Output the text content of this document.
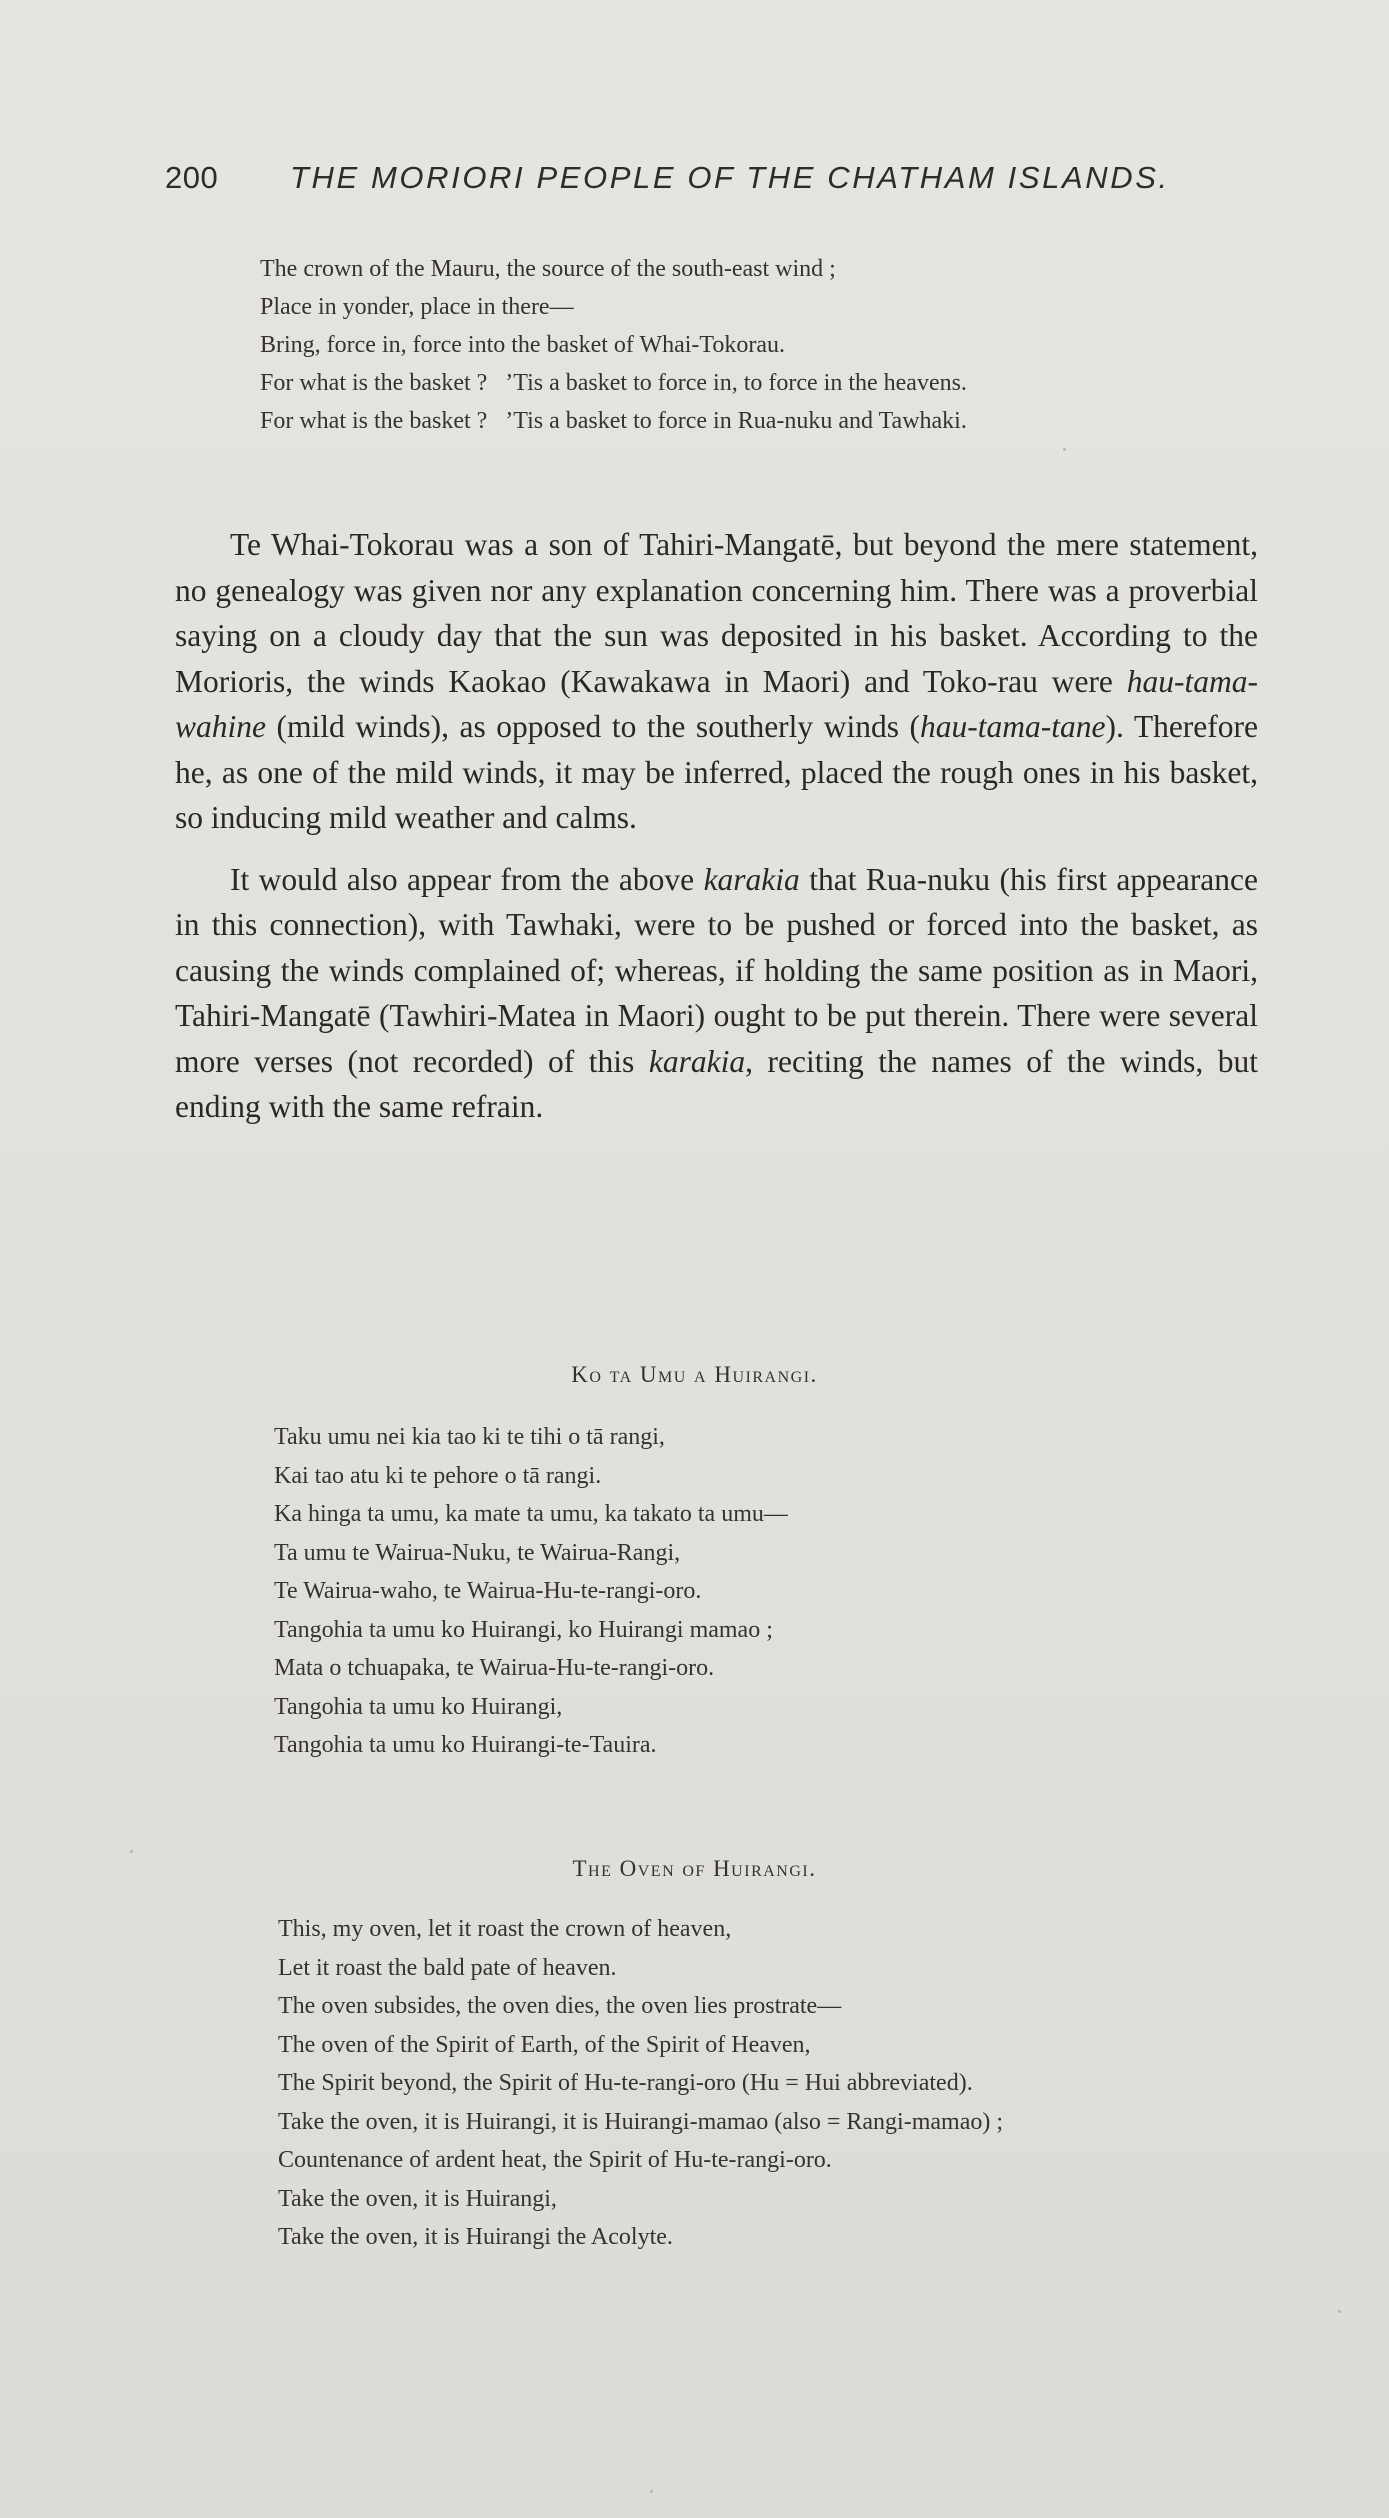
200 THE MORIORI PEOPLE OF THE CHATHAM ISLANDS.
The crown of the Mauru, the source of the south-east wind ;
Place in yonder, place in there—
Bring, force in, force into the basket of Whai-Tokorau.
For what is the basket ?   ’Tis a basket to force in, to force in the heavens.
For what is the basket ?   ’Tis a basket to force in Rua-nuku and Tawhaki.

Te Whai-Tokorau was a son of Tahiri-Mangatē, but beyond the mere statement, no genealogy was given nor any explanation concerning him. There was a proverbial saying on a cloudy day that the sun was deposited in his basket. According to the Morioris, the winds Kaokao (Kawakawa in Maori) and Toko-rau were hau-tama-wahine (mild winds), as opposed to the southerly winds (hau-tama-tane). Therefore he, as one of the mild winds, it may be inferred, placed the rough ones in his basket, so inducing mild weather and calms.

It would also appear from the above karakia that Rua-nuku (his first appearance in this connection), with Tawhaki, were to be pushed or forced into the basket, as causing the winds complained of; whereas, if holding the same position as in Maori, Tahiri-Mangatē (Tawhiri-Matea in Maori) ought to be put therein. There were several more verses (not recorded) of this karakia, reciting the names of the winds, but ending with the same refrain.

Ko ta Umu a Huirangi.
Taku umu nei kia tao ki te tihi o tā rangi,
Kai tao atu ki te pehore o tā rangi.
Ka hinga ta umu, ka mate ta umu, ka takato ta umu—
Ta umu te Wairua-Nuku, te Wairua-Rangi,
Te Wairua-waho, te Wairua-Hu-te-rangi-oro.
Tangohia ta umu ko Huirangi, ko Huirangi mamao ;
Mata o tchuapaka, te Wairua-Hu-te-rangi-oro.
Tangohia ta umu ko Huirangi,
Tangohia ta umu ko Huirangi-te-Tauira.
The Oven of Huirangi.
This, my oven, let it roast the crown of heaven,
Let it roast the bald pate of heaven.
The oven subsides, the oven dies, the oven lies prostrate—
The oven of the Spirit of Earth, of the Spirit of Heaven,
The Spirit beyond, the Spirit of Hu-te-rangi-oro (Hu = Hui abbreviated).
Take the oven, it is Huirangi, it is Huirangi-mamao (also = Rangi-mamao) ;
Countenance of ardent heat, the Spirit of Hu-te-rangi-oro.
Take the oven, it is Huirangi,
Take the oven, it is Huirangi the Acolyte.
